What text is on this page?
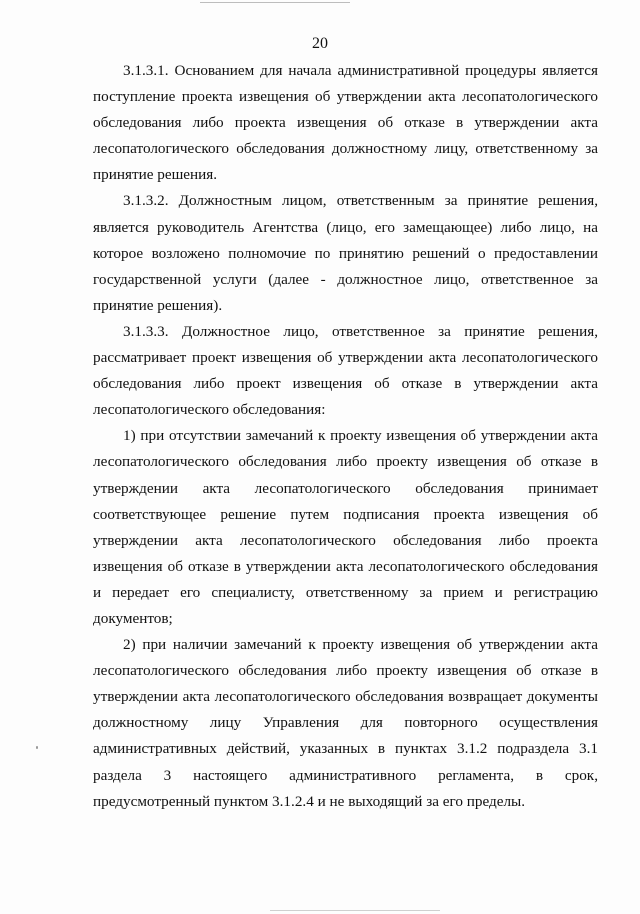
20

3.1.3.1. Основанием для начала административной процедуры является поступление проекта извещения об утверждении акта лесопатологического обследования либо проекта извещения об отказе в утверждении акта лесопатологического обследования должностному лицу, ответственному за принятие решения.

3.1.3.2. Должностным лицом, ответственным за принятие решения, является руководитель Агентства (лицо, его замещающее) либо лицо, на которое возложено полномочие по принятию решений о предоставлении государственной услуги (далее - должностное лицо, ответственное за принятие решения).

3.1.3.3. Должностное лицо, ответственное за принятие решения, рассматривает проект извещения об утверждении акта лесопатологического обследования либо проект извещения об отказе в утверждении акта лесопатологического обследования:

1) при отсутствии замечаний к проекту извещения об утверждении акта лесопатологического обследования либо проекту извещения об отказе в утверждении акта лесопатологического обследования принимает соответствующее решение путем подписания проекта извещения об утверждении акта лесопатологического обследования либо проекта извещения об отказе в утверждении акта лесопатологического обследования и передает его специалисту, ответственному за прием и регистрацию документов;

2) при наличии замечаний к проекту извещения об утверждении акта лесопатологического обследования либо проекту извещения об отказе в утверждении акта лесопатологического обследования возвращает документы должностному лицу Управления для повторного осуществления административных действий, указанных в пунктах 3.1.2 подраздела 3.1 раздела 3 настоящего административного регламента, в срок, предусмотренный пунктом 3.1.2.4 и не выходящий за его пределы.
